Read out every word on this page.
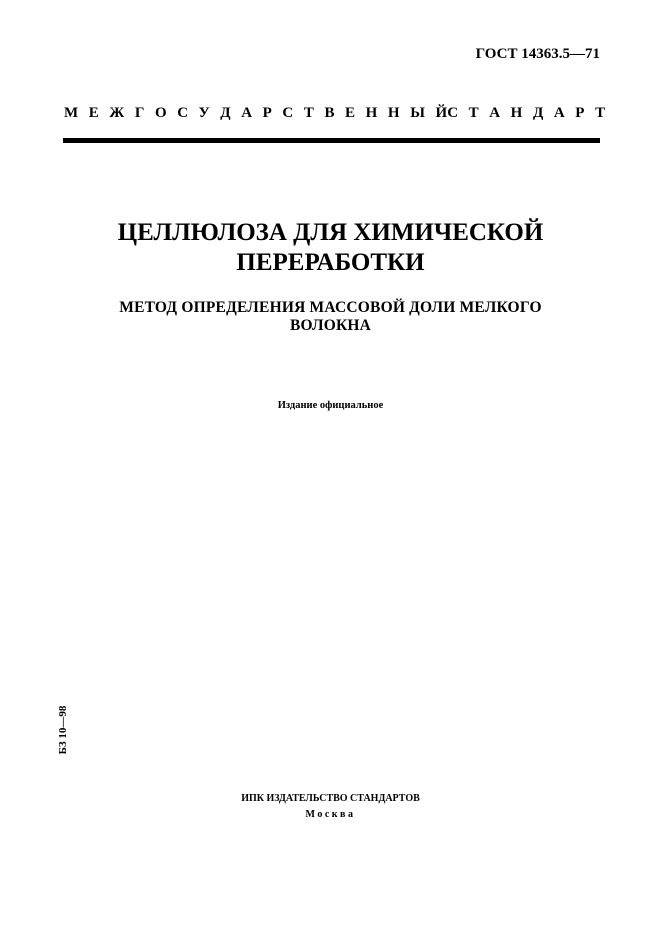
ГОСТ 14363.5—71
М Е Ж Г О С У Д А Р С Т В Е Н Н Ы Й С Т А Н Д А Р Т
ЦЕЛЛЮЛОЗА ДЛЯ ХИМИЧЕСКОЙ
ПЕРЕРАБОТКИ
МЕТОД ОПРЕДЕЛЕНИЯ МАССОВОЙ ДОЛИ МЕЛКОГО
ВОЛОКНА
Издание официальное
БЗ 10—98
ИПК ИЗДАТЕЛЬСТВО СТАНДАРТОВ
Москва
